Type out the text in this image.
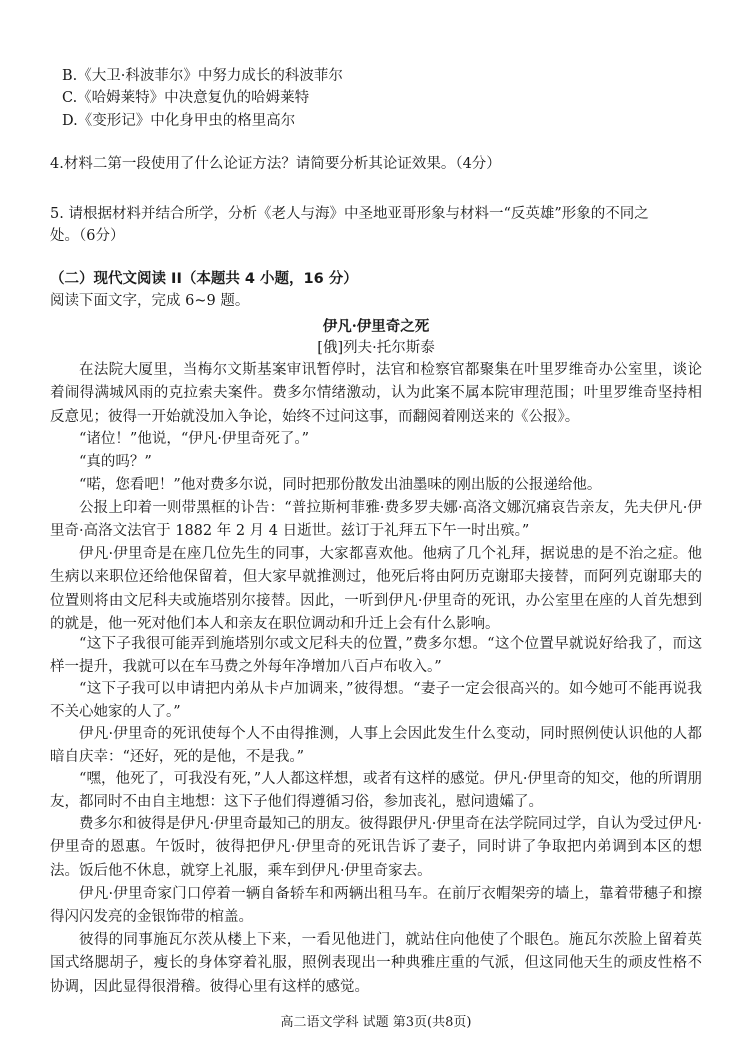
B.《大卫·科波菲尔》中努力成长的科波菲尔
C.《哈姆莱特》中决意复仇的哈姆莱特
D.《变形记》中化身甲虫的格里高尔
4.材料二第一段使用了什么论证方法？请简要分析其论证效果。（4分）
5. 请根据材料并结合所学，分析《老人与海》中圣地亚哥形象与材料一“反英雄”形象的不同之
处。（6分）
（二）现代文阅读 II（本题共 4 小题，16 分）
阅读下面文字，完成 6~9 题。
伊凡·伊里奇之死
[俄]列夫·托尔斯泰
在法院大厦里，当梅尔文斯基案审讯暂停时，法官和检察官都聚集在叶里罗维奇办公室里，谈论着闹得满城风雨的克拉索夫案件。费多尔情绪激动，认为此案不属本院审理范围；叶里罗维奇坚持相反意见；彼得一开始就没加入争论，始终不过问这事，而翻阅着刚送来的《公报》。
“诸位！”他说，“伊凡·伊里奇死了。”
“真的吗？”
“喏，您看吧！”他对费多尔说，同时把那份散发出油墨味的刚出版的公报递给他。
公报上印着一则带黑框的讣告：“普拉斯柯菲雅·费多罗夫娜·高洛文娜沉痛哀告亲友，先夫伊凡·伊里奇·高洛文法官于 1882 年 2 月 4 日逝世。兹订于礼拜五下午一时出殡。”
伊凡·伊里奇是在座几位先生的同事，大家都喜欢他。他病了几个礼拜，据说患的是不治之症。他生病以来职位还给他保留着，但大家早就推测过，他死后将由阿历克谢耶夫接替，而阿列克谢耶夫的位置则将由文尼科夫或施塔别尔接替。因此，一听到伊凡·伊里奇的死讯，办公室里在座的人首先想到的就是，他一死对他们本人和亲友在职位调动和升迁上会有什么影响。
“这下子我很可能弄到施塔别尔或文尼科夫的位置，”费多尔想。“这个位置早就说好给我了，而这样一提升，我就可以在车马费之外每年净增加八百卢布收入。”
“这下子我可以申请把内弟从卡卢加调来，”彼得想。“妻子一定会很高兴的。如今她可不能再说我不关心她家的人了。”
伊凡·伊里奇的死讯使每个人不由得推测，人事上会因此发生什么变动，同时照例使认识他的人都暗自庆幸：“还好，死的是他，不是我。”
“嘿，他死了，可我没有死，”人人都这样想，或者有这样的感觉。伊凡·伊里奇的知交，他的所谓朋友，都同时不由自主地想：这下子他们得遵循习俗，参加丧礼，慰问遗孀了。
费多尔和彼得是伊凡·伊里奇最知己的朋友。彼得跟伊凡·伊里奇在法学院同过学，自认为受过伊凡·伊里奇的恩惠。午饭时，彼得把伊凡·伊里奇的死讯告诉了妻子，同时讲了争取把内弟调到本区的想法。饭后他不休息，就穿上礼服，乘车到伊凡·伊里奇家去。
伊凡·伊里奇家门口停着一辆自备轿车和两辆出租马车。在前厅衣帽架旁的墙上，靠着带穗子和擦得闪闪发亮的金银饰带的棺盖。
彼得的同事施瓦尔茨从楼上下来，一看见他进门，就站住向他使了个眼色。施瓦尔茨脸上留着英国式络腮胡子，瘦长的身体穿着礼服，照例表现出一种典雅庄重的气派，但这同他天生的顽皮性格不协调，因此显得很滑稽。彼得心里有这样的感觉。
高二语文学科 试题 第3页(共8页)
